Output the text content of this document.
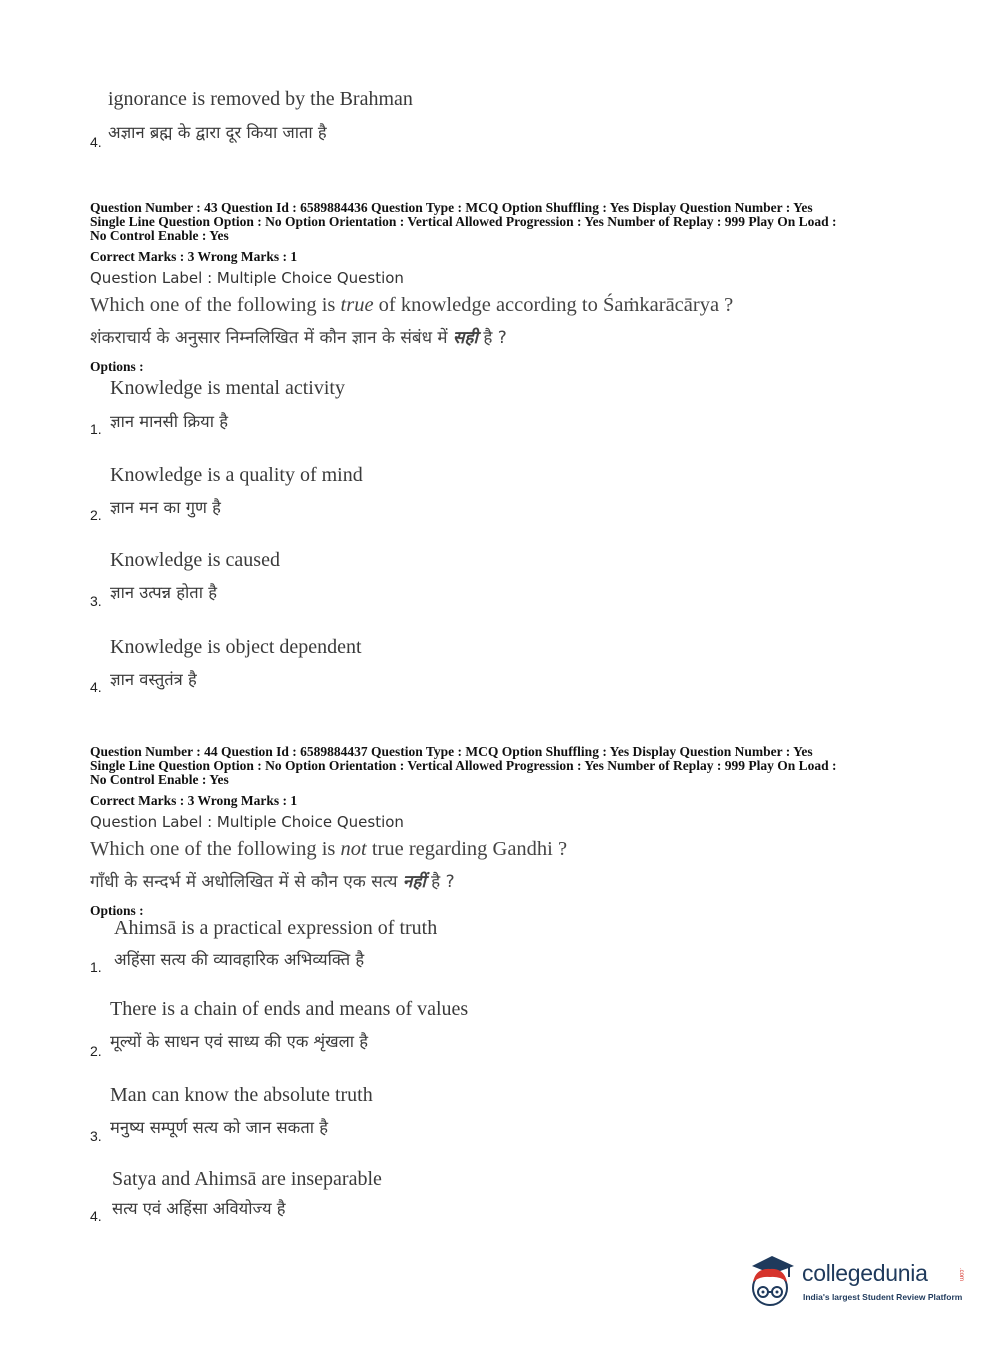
ignorance is removed by the Brahman
अज्ञान ब्रह्म के द्वारा दूर किया जाता है
4.
Question Number : 43 Question Id : 6589884436 Question Type : MCQ Option Shuffling : Yes Display Question Number : Yes
Single Line Question Option : No Option Orientation : Vertical Allowed Progression : Yes Number of Replay : 999 Play On Load :
No Control Enable : Yes
Correct Marks : 3 Wrong Marks : 1
Question Label : Multiple Choice Question
Which one of the following is true of knowledge according to Śaṁkarācārya ?
शंकराचार्य के अनुसार निम्नलिखित में कौन ज्ञान के संबंध में सही है ?
Options :
Knowledge is mental activity
ज्ञान मानसी क्रिया है
1.
Knowledge is a quality of mind
ज्ञान मन का गुण है
2.
Knowledge is caused
ज्ञान उत्पन्न होता है
3.
Knowledge is object dependent
ज्ञान वस्तुतंत्र है
4.
Question Number : 44 Question Id : 6589884437 Question Type : MCQ Option Shuffling : Yes Display Question Number : Yes
Single Line Question Option : No Option Orientation : Vertical Allowed Progression : Yes Number of Replay : 999 Play On Load :
No Control Enable : Yes
Correct Marks : 3 Wrong Marks : 1
Question Label : Multiple Choice Question
Which one of the following is not true regarding Gandhi ?
गाँधी के सन्दर्भ में अधोलिखित में से कौन एक सत्य नहीं है ?
Options :
Ahimsā is a practical expression of truth
अहिंसा सत्य की व्यावहारिक अभिव्यक्ति है
1.
There is a chain of ends and means of values
मूल्यों के साधन एवं साध्य की एक शृंखला है
2.
Man can know the absolute truth
मनुष्य सम्पूर्ण सत्य को जान सकता है
3.
Satya and Ahimsā are inseparable
सत्य एवं अहिंसा अवियोज्य है
4.
collegedunia	.com
India's largest Student Review Platform
